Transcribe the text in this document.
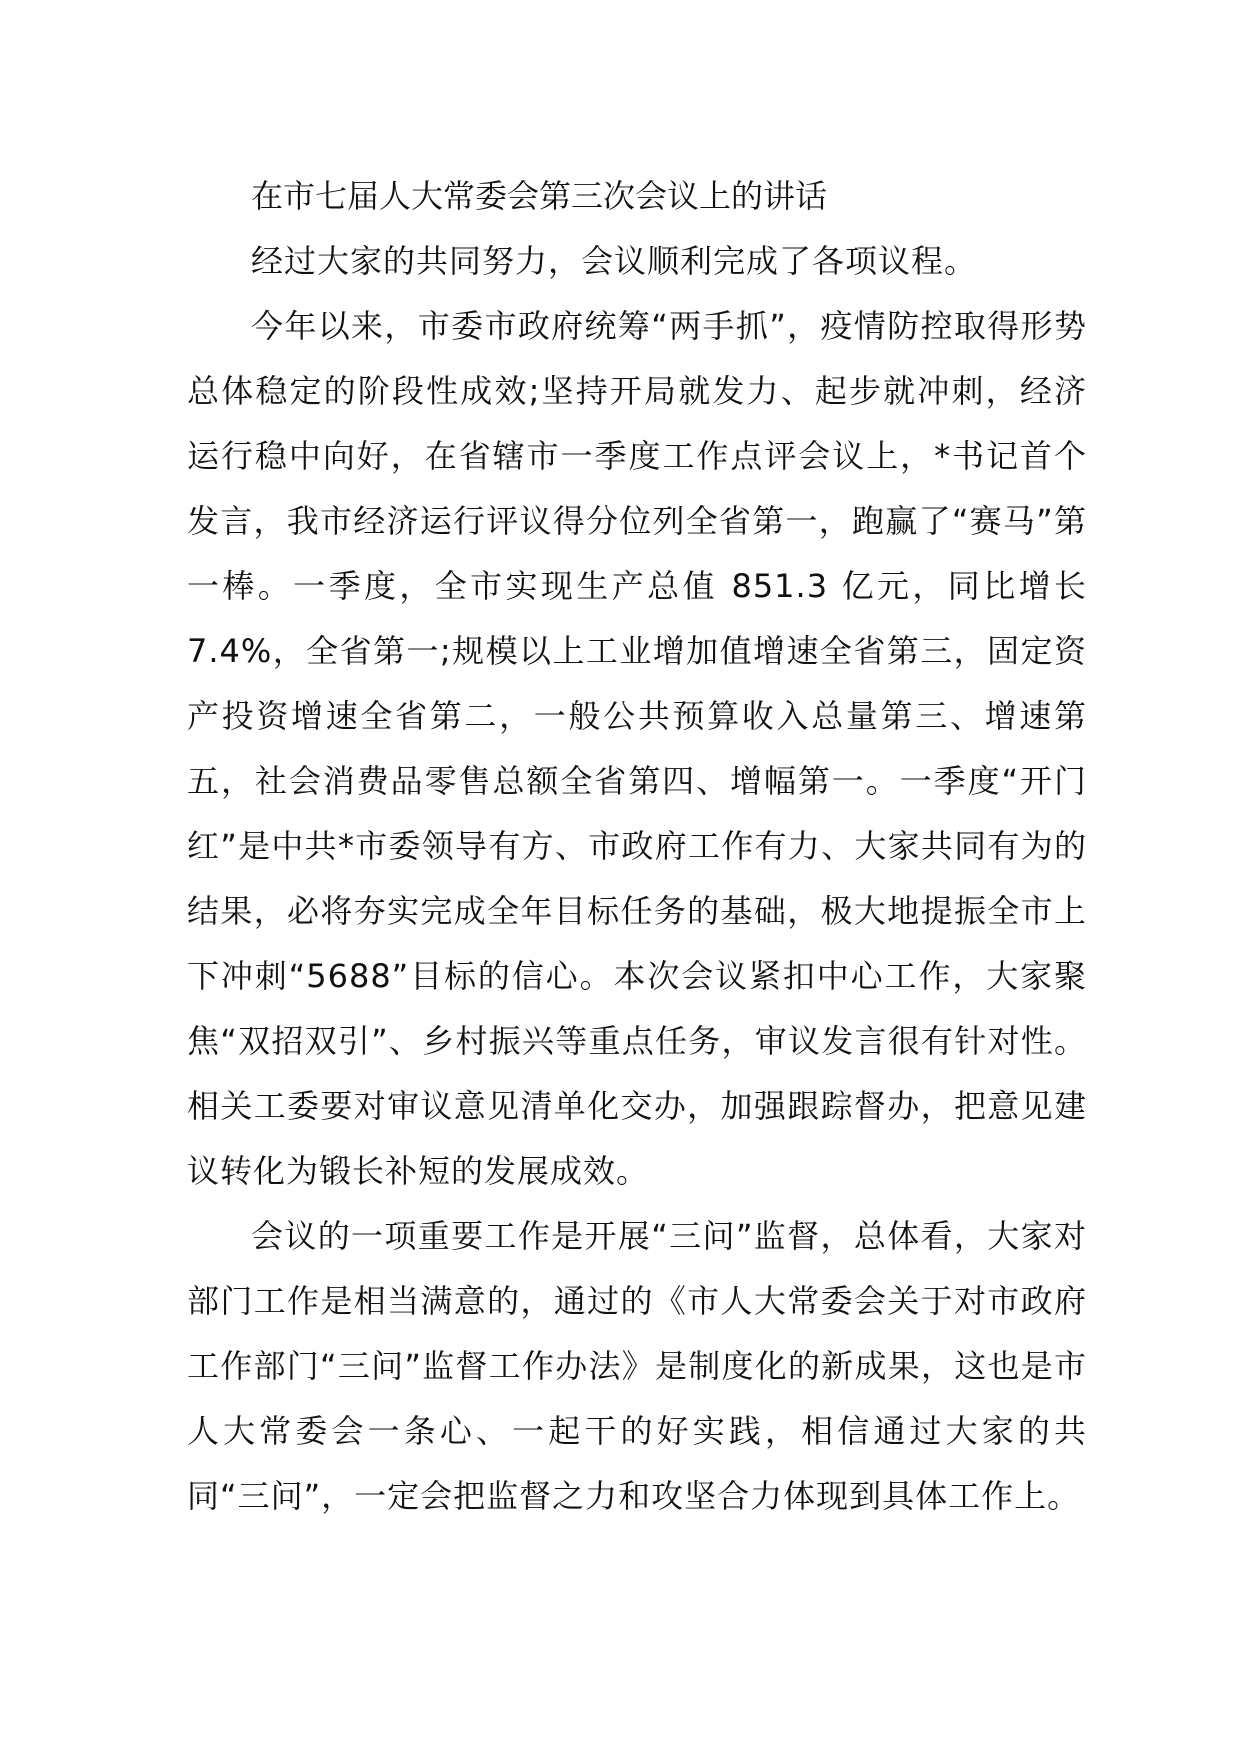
在市七届人大常委会第三次会议上的讲话

经过大家的共同努力，会议顺利完成了各项议程。

今年以来，市委市政府统筹“两手抓”，疫情防控取得形势总体稳定的阶段性成效;坚持开局就发力、起步就冲刺，经济运行稳中向好，在省辖市一季度工作点评会议上，*书记首个发言，我市经济运行评议得分位列全省第一，跑赢了“赛马”第一棒。一季度，全市实现生产总值 851.3 亿元，同比增长 7.4%，全省第一;规模以上工业增加值增速全省第三，固定资产投资增速全省第二，一般公共预算收入总量第三、增速第五，社会消费品零售总额全省第四、增幅第一。一季度“开门红”是中共*市委领导有方、市政府工作有力、大家共同有为的结果，必将夯实完成全年目标任务的基础，极大地提振全市上下冲刺“5688”目标的信心。本次会议紧扣中心工作，大家聚焦“双招双引”、乡村振兴等重点任务，审议发言很有针对性。相关工委要对审议意见清单化交办，加强跟踪督办，把意见建议转化为锻长补短的发展成效。

会议的一项重要工作是开展“三问”监督，总体看，大家对部门工作是相当满意的，通过的《市人大常委会关于对市政府工作部门“三问”监督工作办法》是制度化的新成果，这也是市人大常委会一条心、一起干的好实践，相信通过大家的共同“三问”，一定会把监督之力和攻坚合力体现到具体工作上。
